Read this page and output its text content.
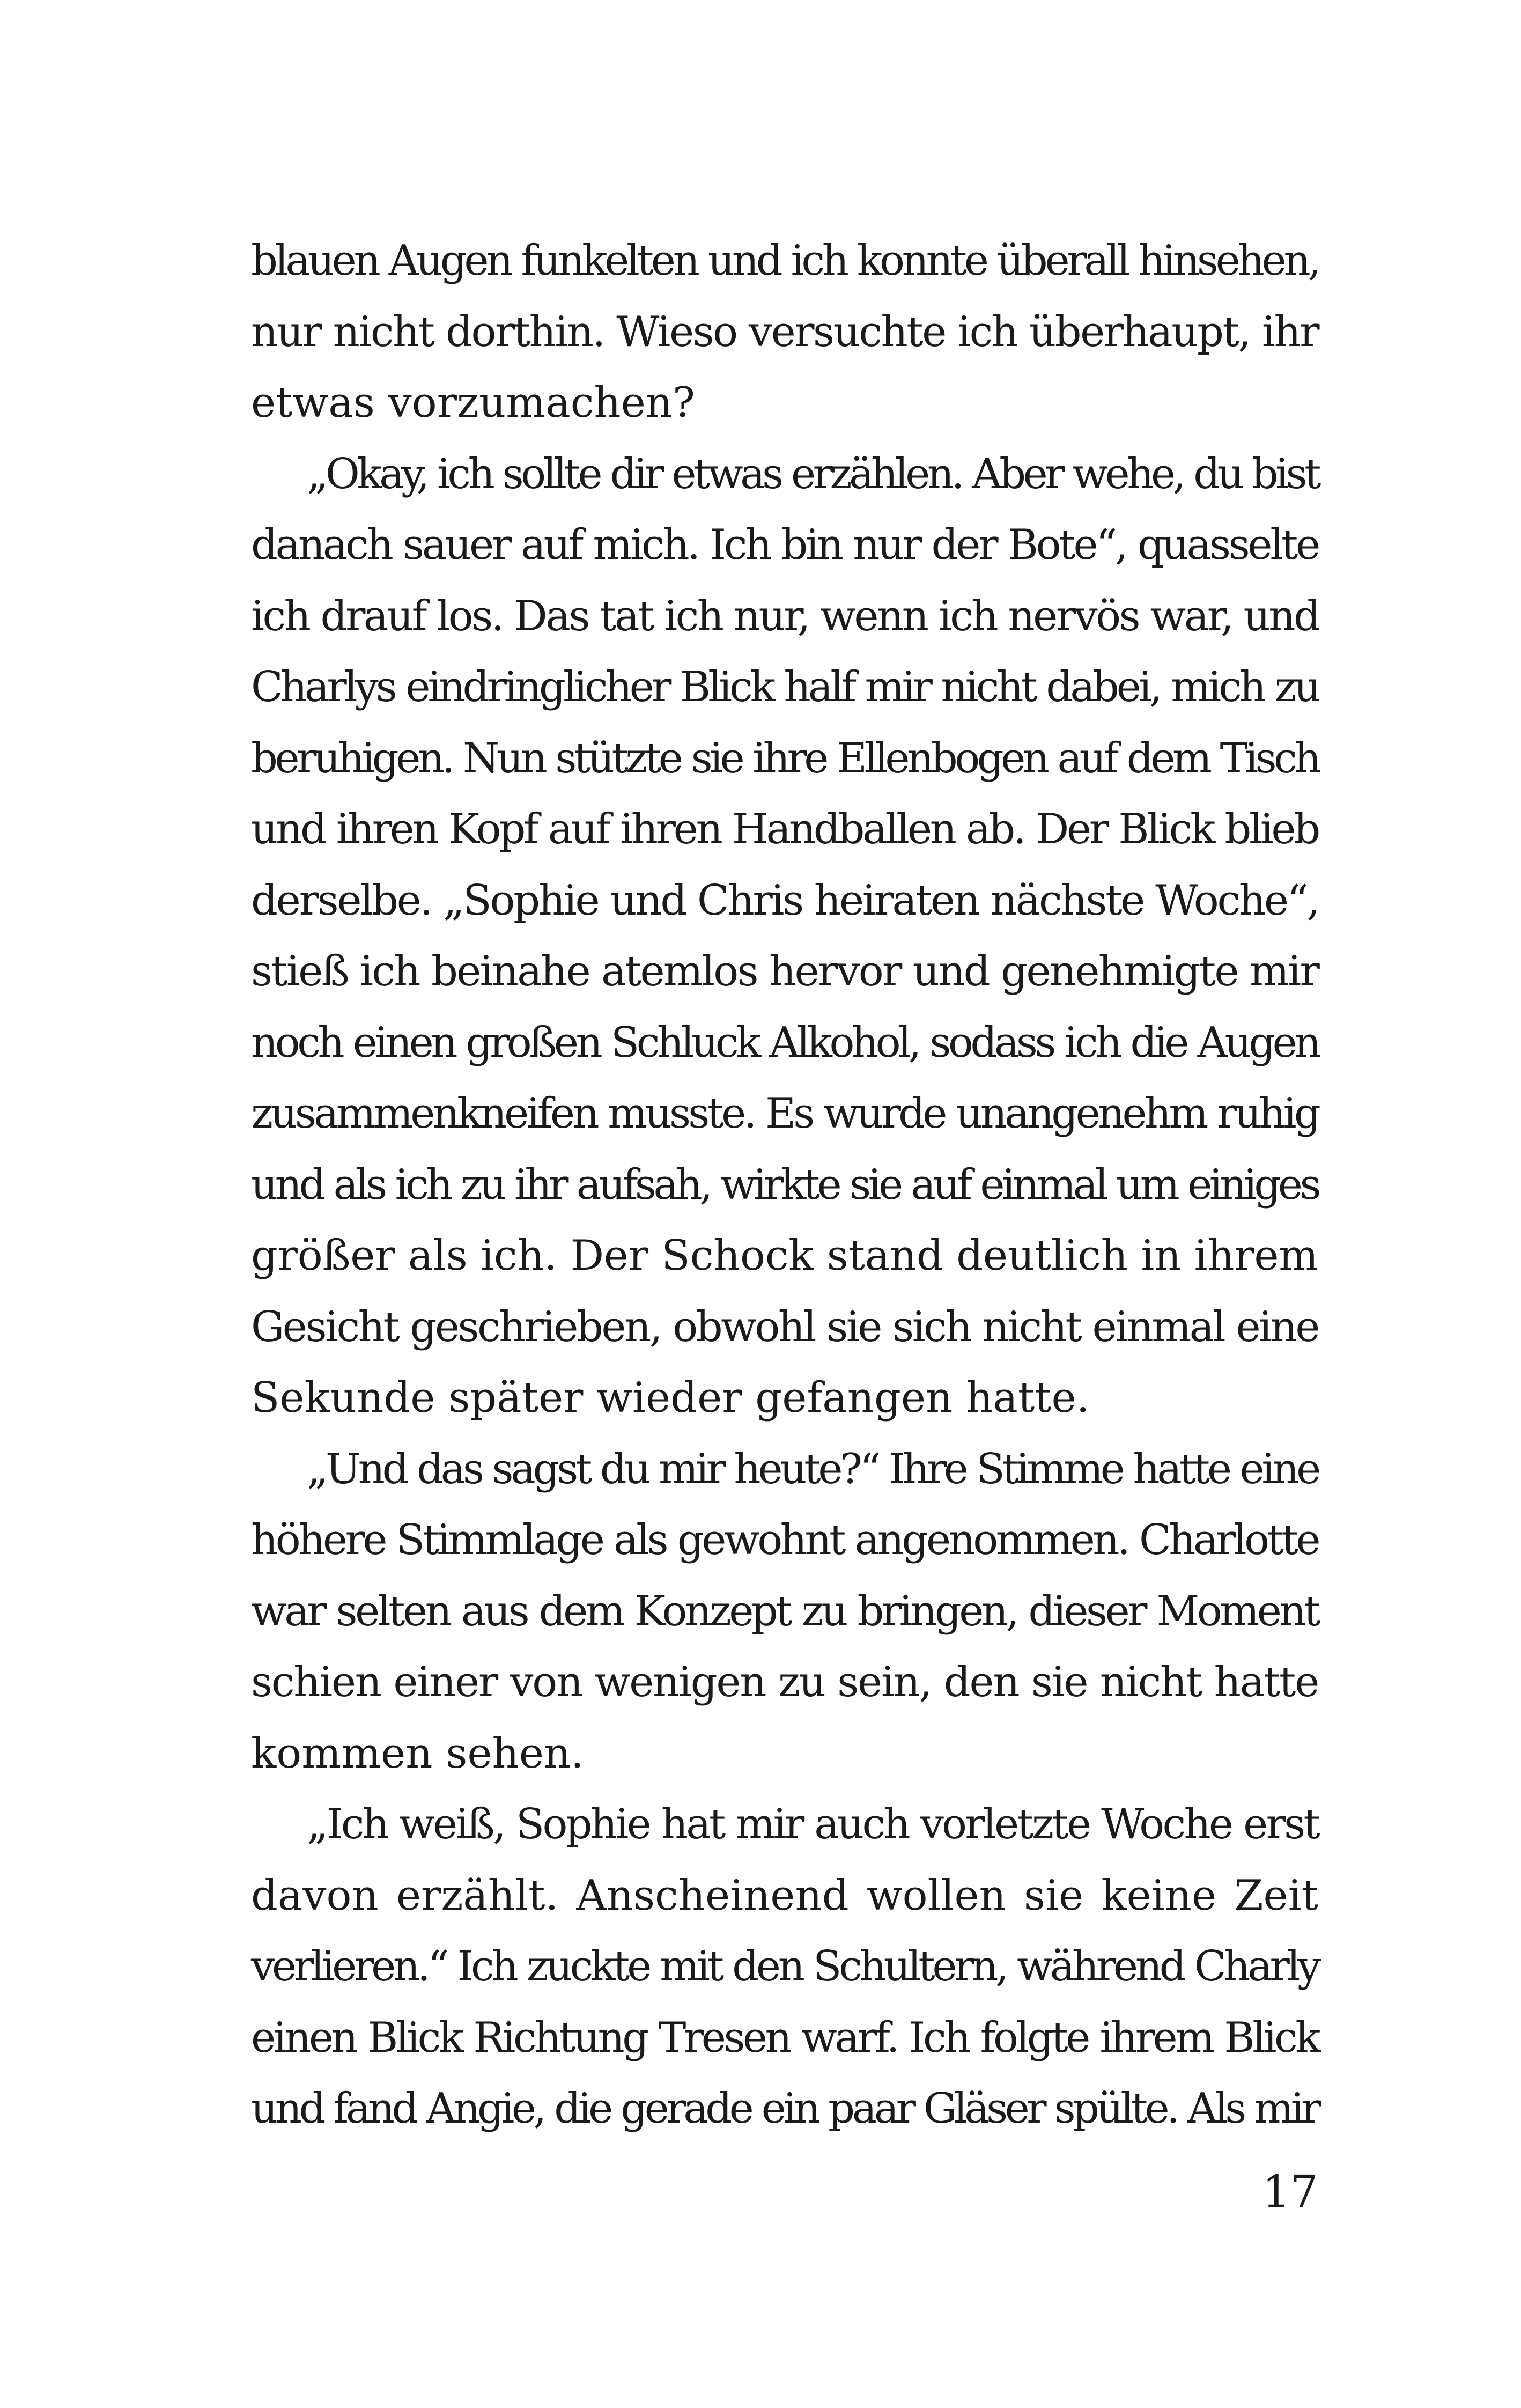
blauen Augen funkelten und ich konnte überall hinsehen,
nur nicht dorthin. Wieso versuchte ich überhaupt, ihr
etwas vorzumachen?
„Okay, ich sollte dir etwas erzählen. Aber wehe, du bist
danach sauer auf mich. Ich bin nur der Bote“, quasselte
ich drauf los. Das tat ich nur, wenn ich nervös war, und
Charlys eindringlicher Blick half mir nicht dabei, mich zu
beruhigen. Nun stützte sie ihre Ellenbogen auf dem Tisch
und ihren Kopf auf ihren Handballen ab. Der Blick blieb
derselbe. „Sophie und Chris heiraten nächste Woche“,
stieß ich beinahe atemlos hervor und genehmigte mir
noch einen großen Schluck Alkohol, sodass ich die Augen
zusammenkneifen musste. Es wurde unangenehm ruhig
und als ich zu ihr aufsah, wirkte sie auf einmal um einiges
größer als ich. Der Schock stand deutlich in ihrem
Gesicht geschrieben, obwohl sie sich nicht einmal eine
Sekunde später wieder gefangen hatte.
„Und das sagst du mir heute?“ Ihre Stimme hatte eine
höhere Stimmlage als gewohnt angenommen. Charlotte
war selten aus dem Konzept zu bringen, dieser Moment
schien einer von wenigen zu sein, den sie nicht hatte
kommen sehen.
„Ich weiß, Sophie hat mir auch vorletzte Woche erst
davon erzählt. Anscheinend wollen sie keine Zeit
verlieren.“ Ich zuckte mit den Schultern, während Charly
einen Blick Richtung Tresen warf. Ich folgte ihrem Blick
und fand Angie, die gerade ein paar Gläser spülte. Als mir
17
